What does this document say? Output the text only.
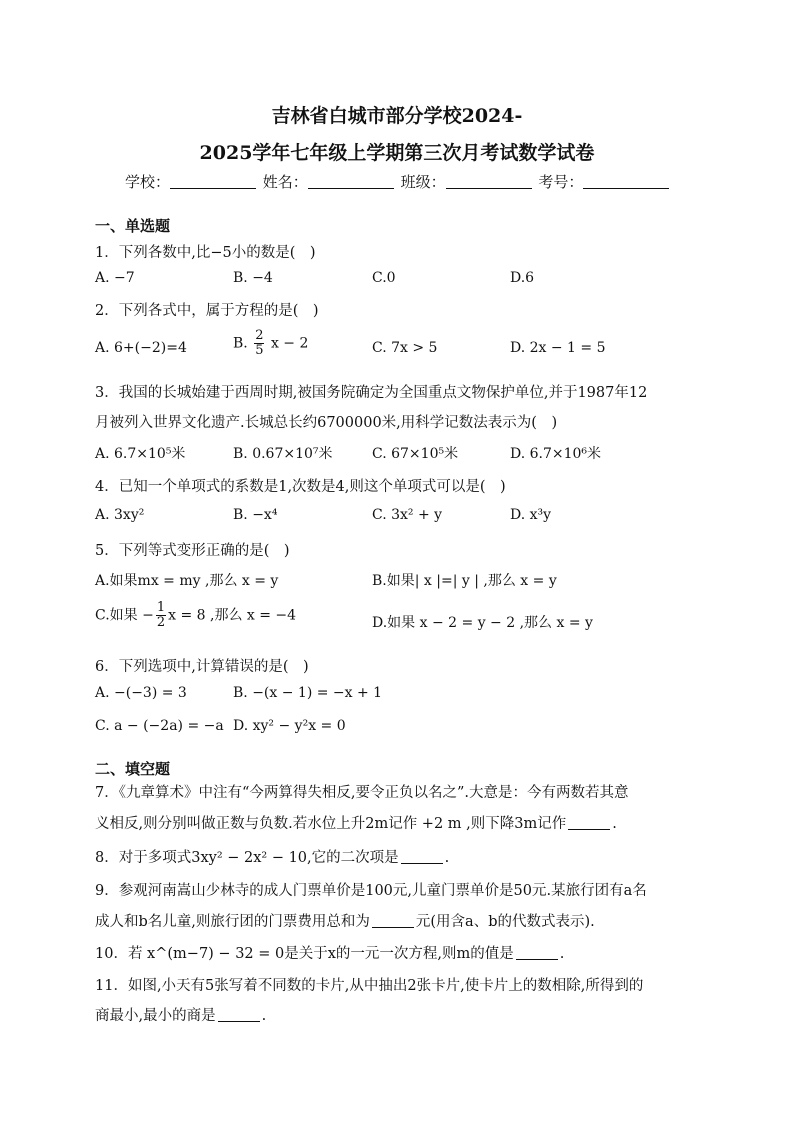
吉林省白城市部分学校2024-
2025学年七年级上学期第三次月考试数学试卷
学校：	姓名：	班级：	考号：
一、单选题
1．下列各数中,比−5小的数是(　)
A. −7	B. −4	C.0	D.6
2．下列各式中，属于方程的是(　)
A. 6+(−2)=4	B. $\frac{2}{5}$ x − 2	C. 7x > 5	D. 2x − 1 = 5
3．我国的长城始建于西周时期,被国务院确定为全国重点文物保护单位,并于1987年12
月被列入世界文化遗产.长城总长约6700000米,用科学记数法表示为(　)
A. 6.7×10⁵米	B. 0.67×10⁷米	C. 67×10⁵米	D. 6.7×10⁶米
4．已知一个单项式的系数是1,次数是4,则这个单项式可以是(　)
A. 3xy²	B. −x⁴	C. 3x² + y	D. x³y
5．下列等式变形正确的是(　)
A.如果mx = my ,那么 x = y	B.如果| x |=| y | ,那么 x = y
C.如果 − $\frac{1}{2}$ x = 8 ,那么 x = −4	D.如果 x − 2 = y − 2 ,那么 x = y
6．下列选项中,计算错误的是(　)
A. −(−3) = 3	B. −(x − 1) = −x + 1
C. a − (−2a) = −a D. xy² − y²x = 0
二、填空题
7．《九章算术》中注有“今两算得失相反,要令正负以名之”.大意是：今有两数若其意
义相反,则分别叫做正数与负数.若水位上升2m记作 +2 m ,则下降3m记作	.
8．对于多项式3xy² − 2x² − 10,它的二次项是	.
9．参观河南嵩山少林寺的成人门票单价是100元,儿童门票单价是50元.某旅行团有a名
成人和b名儿童,则旅行团的门票费用总和为	元(用含a、b的代数式表示).
10．若 x^(m−7) − 32 = 0是关于x的一元一次方程,则m的值是	.
11．如图,小天有5张写着不同数的卡片,从中抽出2张卡片,使卡片上的数相除,所得到的
商最小,最小的商是	.
